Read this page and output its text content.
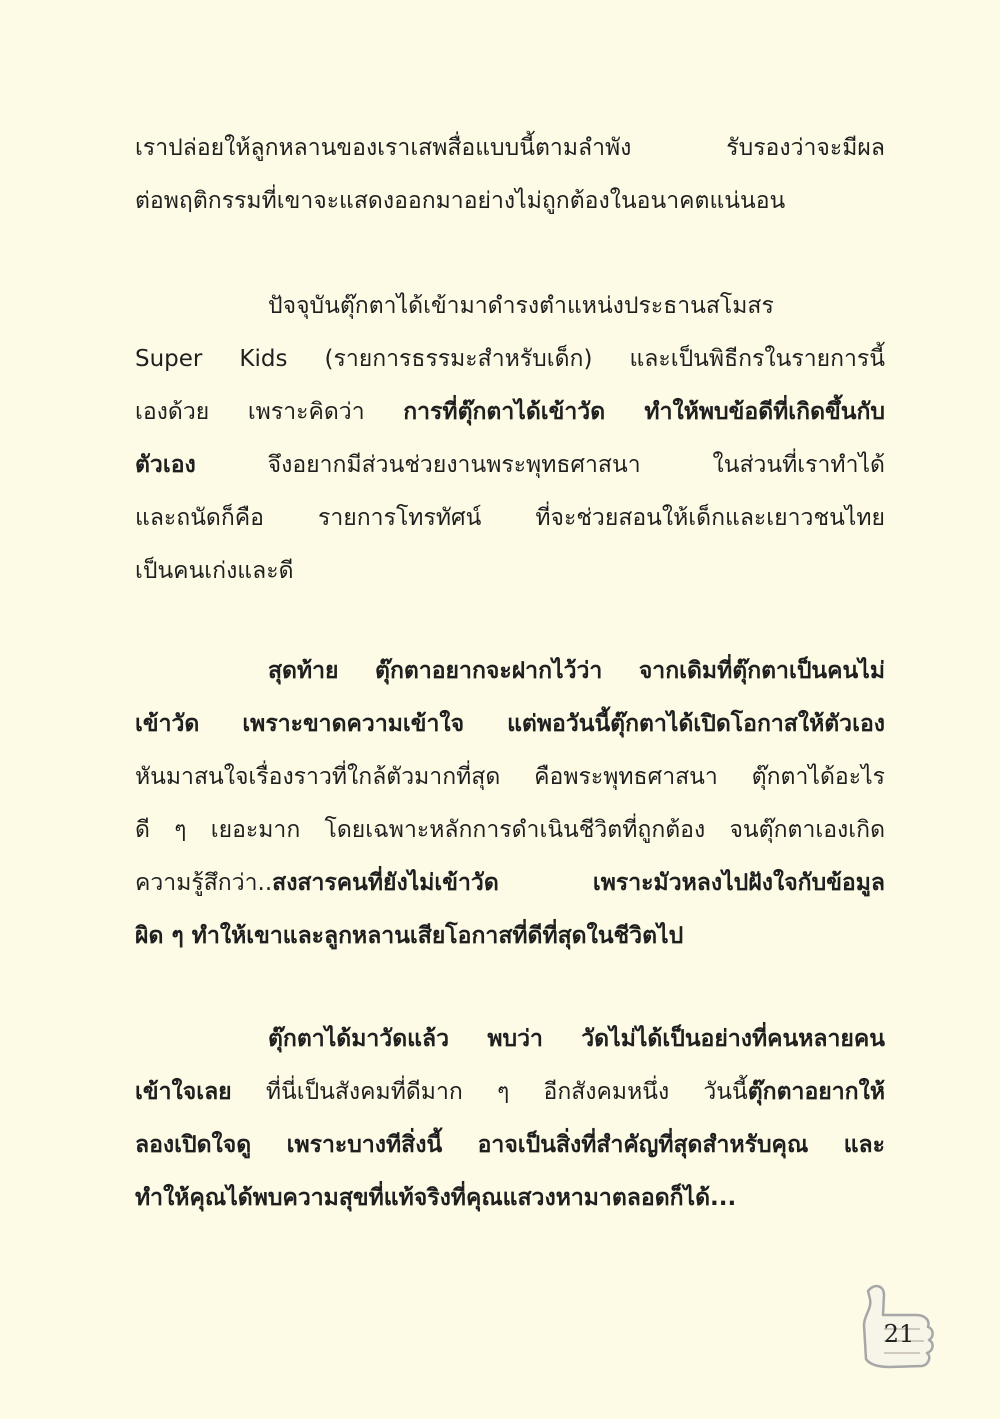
เราปล่อยให้ลูกหลานของเราเสพสื่อแบบนี้ตามลำพัง รับรองว่าจะมีผล
ต่อพฤติกรรมที่เขาจะแสดงออกมาอย่างไม่ถูกต้องในอนาคตแน่นอน
ปัจจุบันตุ๊กตาได้เข้ามาดำรงตำแหน่งประธานสโมสร
Super Kids (รายการธรรมะสำหรับเด็ก) และเป็นพิธีกรในรายการนี้
เองด้วย เพราะคิดว่า การที่ตุ๊กตาได้เข้าวัด ทำให้พบข้อดีที่เกิดขึ้นกับ
ตัวเอง จึงอยากมีส่วนช่วยงานพระพุทธศาสนา ในส่วนที่เราทำได้
และถนัดก็คือ รายการโทรทัศน์ ที่จะช่วยสอนให้เด็กและเยาวชนไทย
เป็นคนเก่งและดี
สุดท้าย ตุ๊กตาอยากจะฝากไว้ว่า จากเดิมที่ตุ๊กตาเป็นคนไม่
เข้าวัด เพราะขาดความเข้าใจ แต่พอวันนี้ตุ๊กตาได้เปิดโอกาสให้ตัวเอง
หันมาสนใจเรื่องราวที่ใกล้ตัวมากที่สุด คือพระพุทธศาสนา ตุ๊กตาได้อะไร
ดี ๆ เยอะมาก โดยเฉพาะหลักการดำเนินชีวิตที่ถูกต้อง จนตุ๊กตาเองเกิด
ความรู้สึกว่า..สงสารคนที่ยังไม่เข้าวัด เพราะมัวหลงไปฝังใจกับข้อมูล
ผิด ๆ ทำให้เขาและลูกหลานเสียโอกาสที่ดีที่สุดในชีวิตไป
ตุ๊กตาได้มาวัดแล้ว พบว่า วัดไม่ได้เป็นอย่างที่คนหลายคน
เข้าใจเลย ที่นี่เป็นสังคมที่ดีมาก ๆ อีกสังคมหนึ่ง วันนี้ตุ๊กตาอยากให้
ลองเปิดใจดู เพราะบางทีสิ่งนี้ อาจเป็นสิ่งที่สำคัญที่สุดสำหรับคุณ และ
ทำให้คุณได้พบความสุขที่แท้จริงที่คุณแสวงหามาตลอดก็ได้...
21
